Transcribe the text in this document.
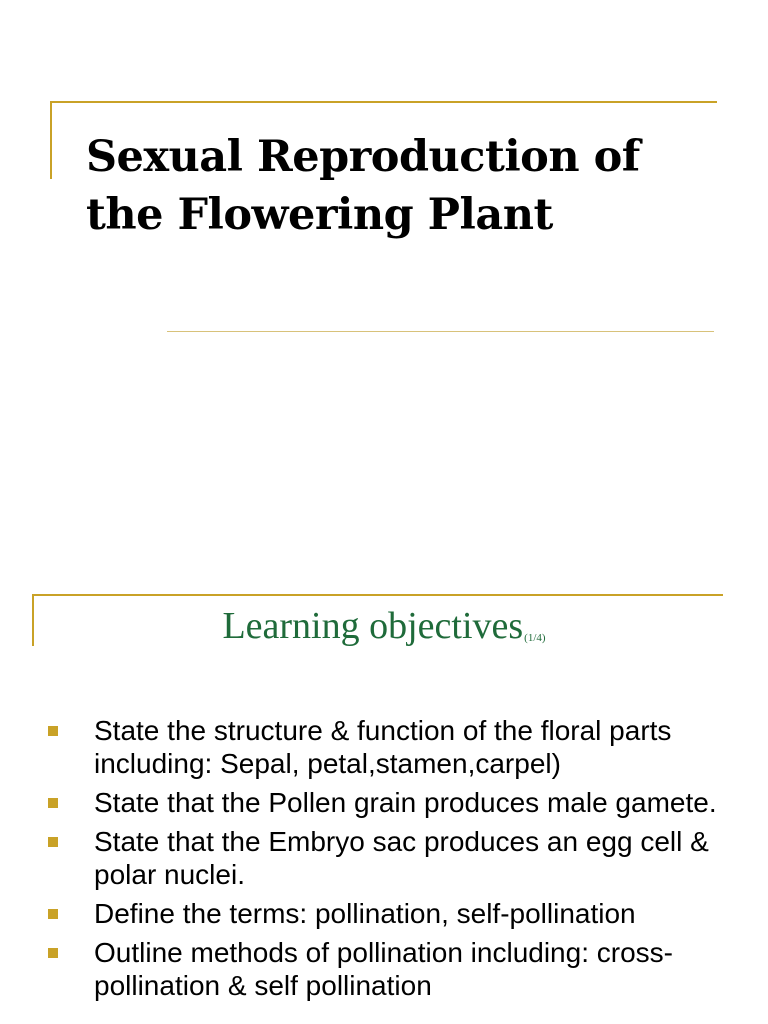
Sexual Reproduction of the Flowering Plant
Learning objectives(1/4)
State the structure & function of the floral parts including: Sepal, petal,stamen,carpel)
State that the Pollen grain produces male gamete.
State that the Embryo sac produces an egg cell & polar nuclei.
Define the terms: pollination, self-pollination
Outline methods of pollination including: cross-pollination & self pollination
